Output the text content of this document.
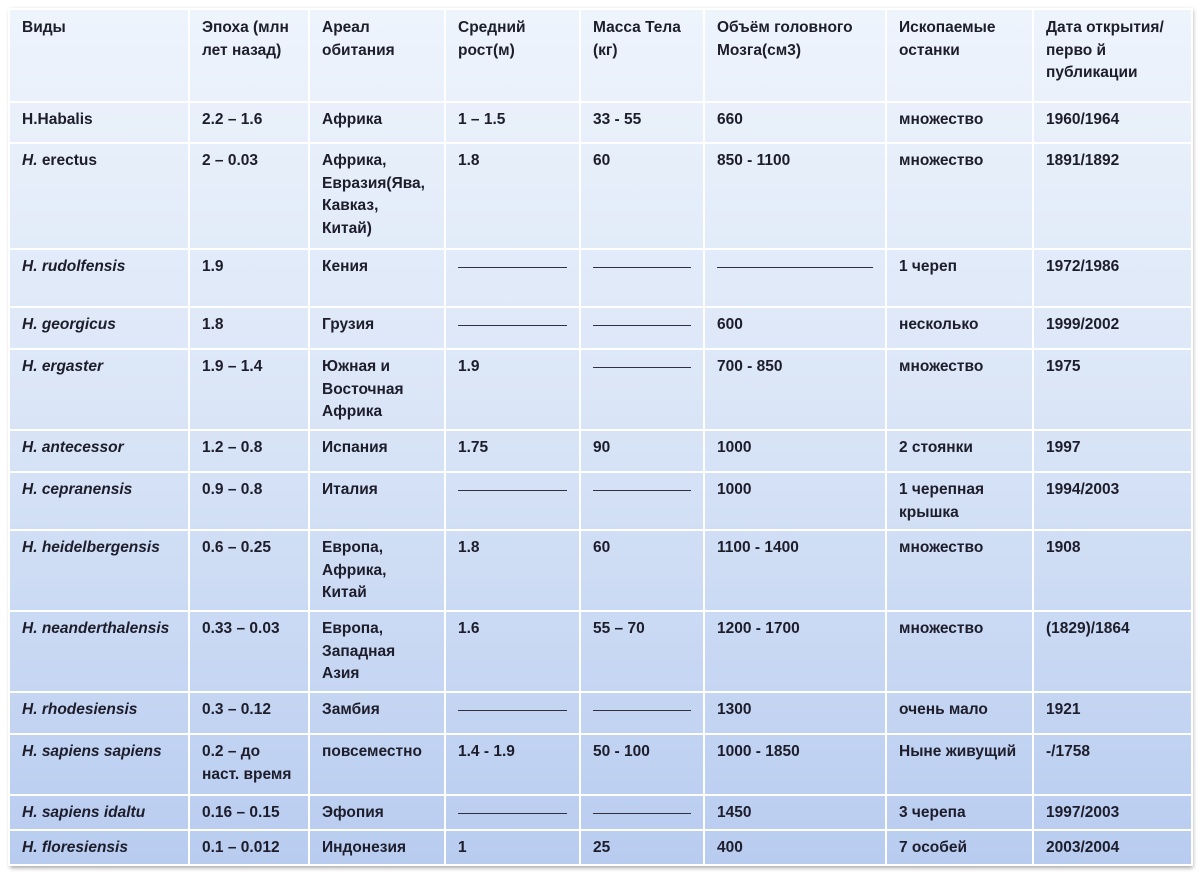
Виды	Эпоха (млн лет назад)	Ареал обитания	Средний рост(м)	Масса Тела (кг)	Объём головного Мозга(см3)	Ископаемые останки	Дата открытия/перво й публикации
H.Habalis	2.2 – 1.6	Африка	1 – 1.5	33 - 55	660	множество	1960/1964
H. erectus	2 – 0.03	Африка, Евразия(Ява, Кавказ, Китай)	1.8	60	850 - 1100	множество	1891/1892
H. rudolfensis	1.9	Кения				1 череп	1972/1986
H. georgicus	1.8	Грузия			600	несколько	1999/2002
H. ergaster	1.9 – 1.4	Южная и Восточная Африка	1.9		700 - 850	множество	1975
H. antecessor	1.2 – 0.8	Испания	1.75	90	1000	2 стоянки	1997
H. cepranensis	0.9 – 0.8	Италия			1000	1 черепная крышка	1994/2003
H. heidelbergensis	0.6 – 0.25	Европа, Африка, Китай	1.8	60	1100 - 1400	множество	1908
H. neanderthalensis	0.33 – 0.03	Европа, Западная Азия	1.6	55 – 70	1200 - 1700	множество	(1829)/1864
H. rhodesiensis	0.3 – 0.12	Замбия			1300	очень мало	1921
H. sapiens sapiens	0.2 – до наст. время	повсеместно	1.4 - 1.9	50 - 100	1000 - 1850	Ныне живущий	-/1758
H. sapiens idaltu	0.16 – 0.15	Эфопия			1450	3 черепа	1997/2003
H. floresiensis	0.1 – 0.012	Индонезия	1	25	400	7 особей	2003/2004
